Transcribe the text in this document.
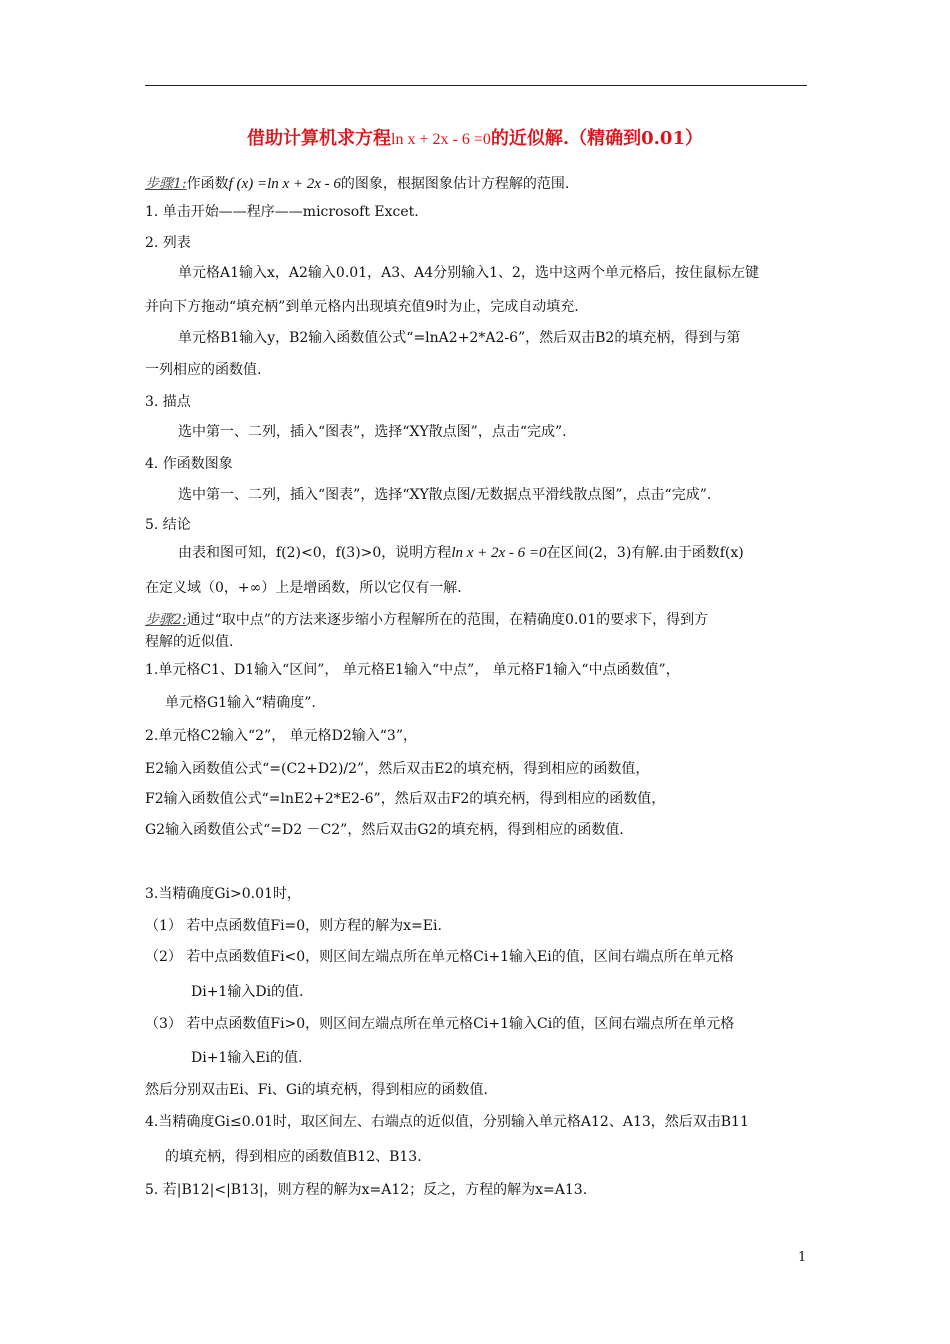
借助计算机求方程ln x + 2x - 6 =0的近似解.（精确到0.01）
步骤1:作函数f (x) =ln x + 2x - 6的图象，根据图象估计方程解的范围.
1. 单击开始——程序——microsoft Excet.
2. 列表
单元格A1输入x，A2输入0.01，A3、A4分别输入1、2，选中这两个单元格后，按住鼠标左键
并向下方拖动“填充柄”到单元格内出现填充值9时为止，完成自动填充.
单元格B1输入y，B2输入函数值公式“=lnA2+2*A2-6”，然后双击B2的填充柄，得到与第
一列相应的函数值.
3. 描点
选中第一、二列，插入“图表”，选择“XY散点图”，点击“完成”.
4. 作函数图象
选中第一、二列，插入“图表”，选择“XY散点图/无数据点平滑线散点图”，点击“完成”.
5. 结论
由表和图可知，f(2)<0，f(3)>0，说明方程ln x + 2x - 6 =0在区间(2，3)有解.由于函数f(x)
在定义域（0，+∞）上是增函数，所以它仅有一解.
步骤2:通过“取中点”的方法来逐步缩小方程解所在的范围，在精确度0.01的要求下，得到方
程解的近似值.
1.单元格C1、D1输入“区间”， 单元格E1输入“中点”， 单元格F1输入“中点函数值”，
单元格G1输入“精确度”.
2.单元格C2输入“2”， 单元格D2输入“3”，
E2输入函数值公式“=(C2+D2)/2”，然后双击E2的填充柄，得到相应的函数值，
F2输入函数值公式“=lnE2+2*E2-6”，然后双击F2的填充柄，得到相应的函数值，
G2输入函数值公式“=D2 －C2”，然后双击G2的填充柄，得到相应的函数值.
3.当精确度Gi>0.01时，
（1） 若中点函数值Fi=0，则方程的解为x=Ei.
（2） 若中点函数值Fi<0，则区间左端点所在单元格Ci+1输入Ei的值，区间右端点所在单元格
Di+1输入Di的值.
（3） 若中点函数值Fi>0，则区间左端点所在单元格Ci+1输入Ci的值，区间右端点所在单元格
Di+1输入Ei的值.
然后分别双击Ei、Fi、Gi的填充柄，得到相应的函数值.
4.当精确度Gi≤0.01时，取区间左、右端点的近似值，分别输入单元格A12、A13，然后双击B11
的填充柄，得到相应的函数值B12、B13.
5. 若|B12|<|B13|，则方程的解为x=A12；反之，方程的解为x=A13.
1
